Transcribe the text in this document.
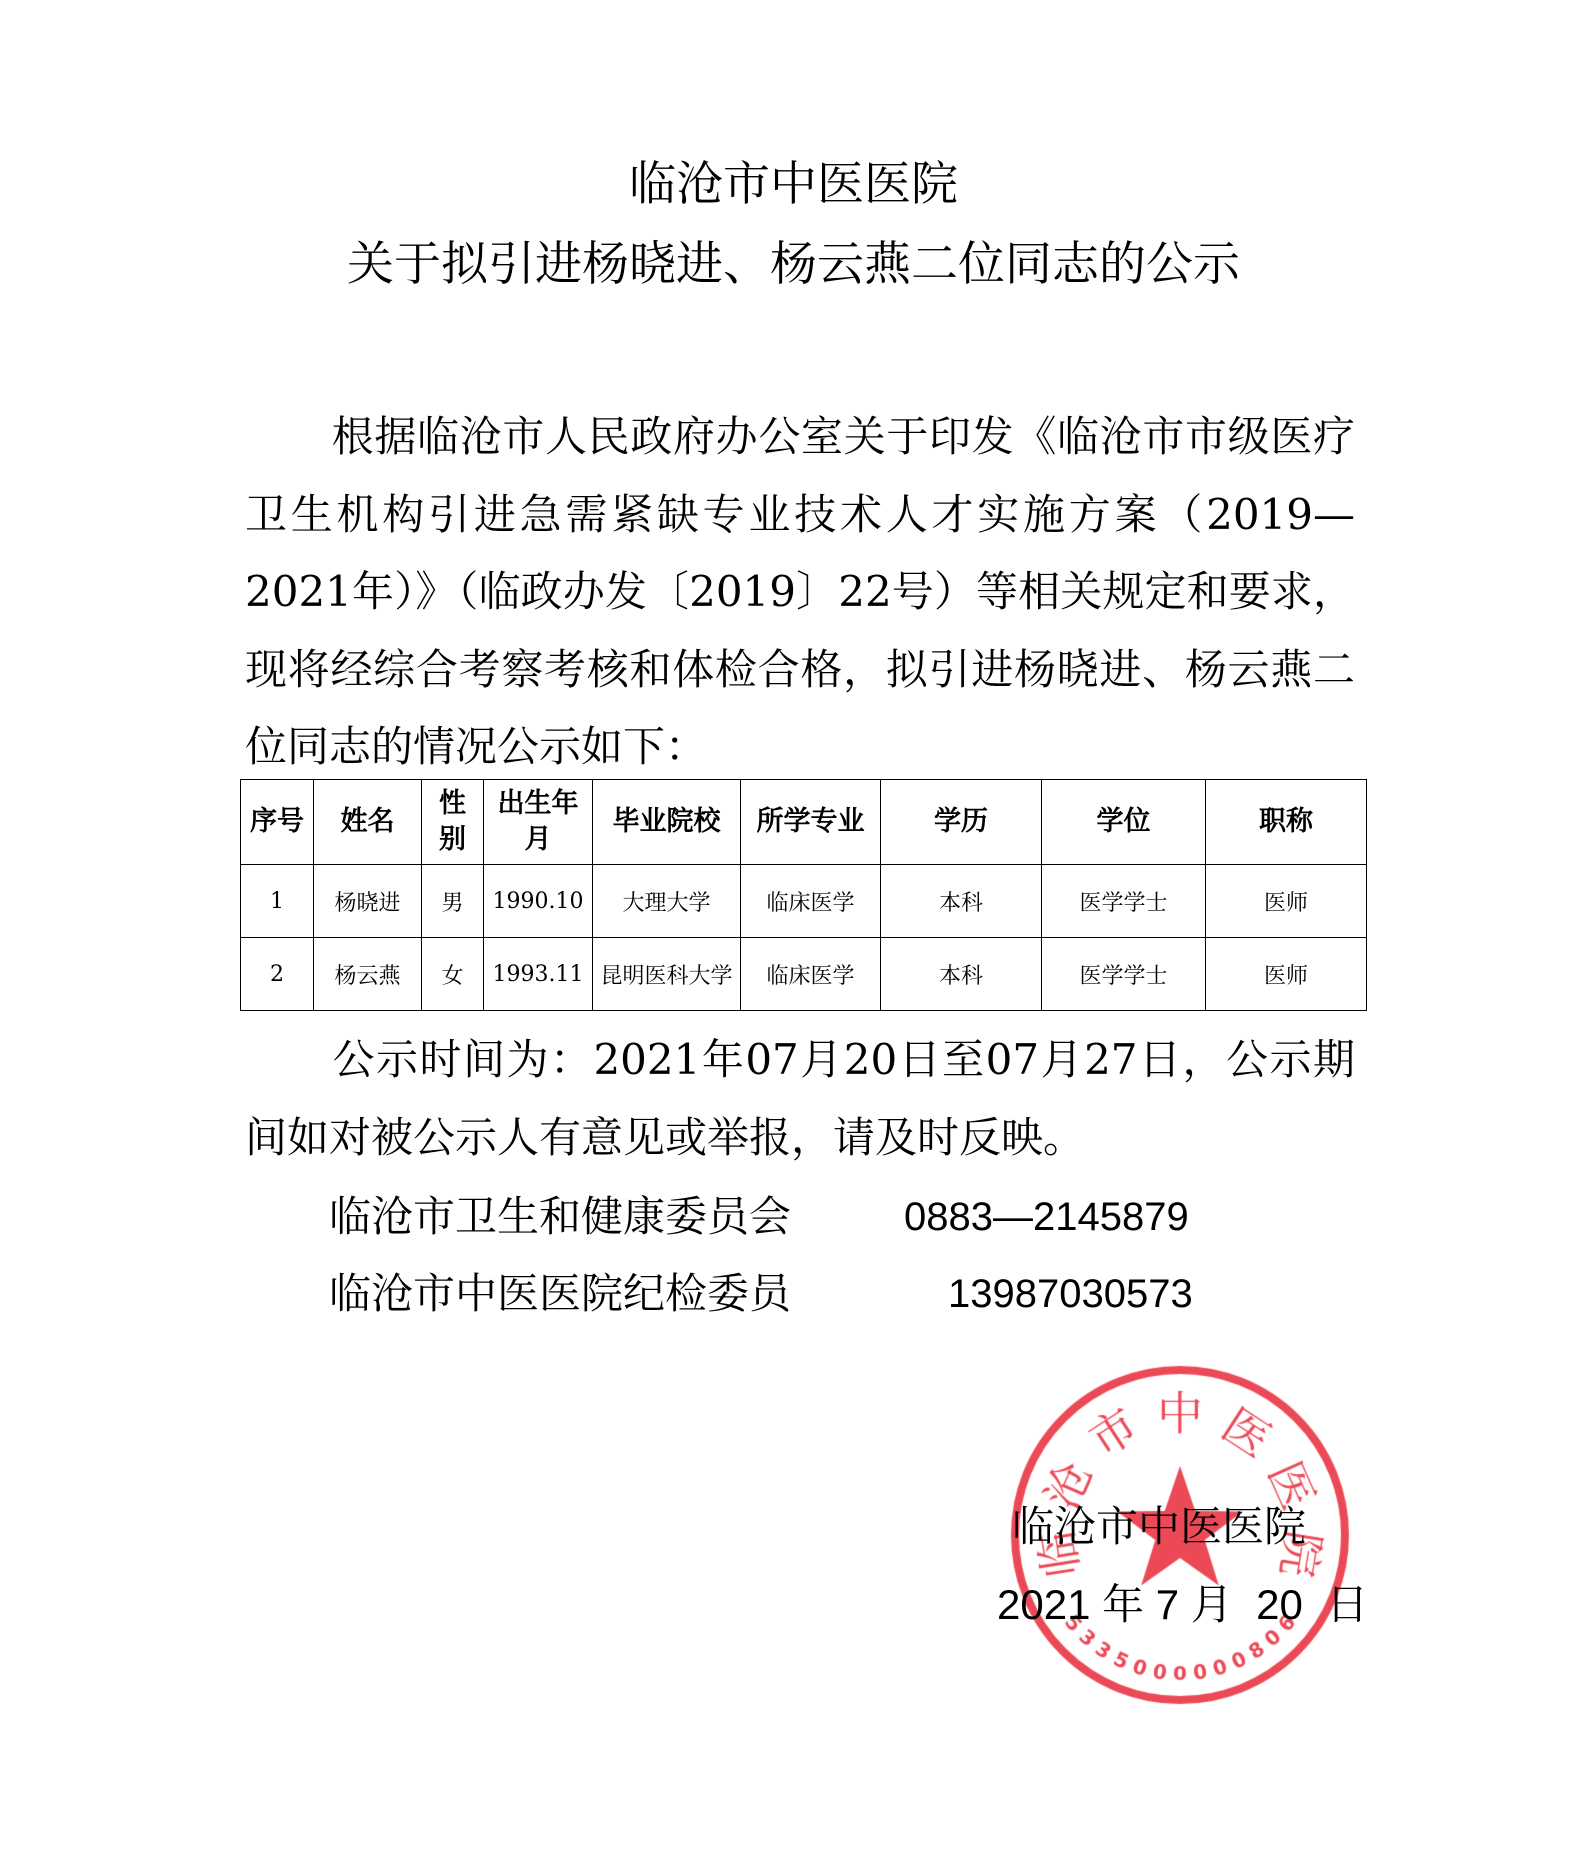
临沧市中医医院
关于拟引进杨晓进、杨云燕二位同志的公示
根据临沧市人民政府办公室关于印发《临沧市市级医疗卫生机构引进急需紧缺专业技术人才实施方案（2019—2021年）》（临政办发〔2019〕22号）等相关规定和要求，现将经综合考察考核和体检合格，拟引进杨晓进、杨云燕二位同志的情况公示如下：
序号	姓名	性别	出生年月	毕业院校	所学专业	学历	学位	职称
1	杨晓进	男	1990.10	大理大学	临床医学	本科	医学学士	医师
2	杨云燕	女	1993.11	昆明医科大学	临床医学	本科	医学学士	医师
公示时间为：2021年07月20日至07月27日，公示期间如对被公示人有意见或举报，请及时反映。
临沧市卫生和健康委员会	0883—2145879
临沧市中医医院纪检委员	13987030573
临沧市中医医院
2021 年 7 月  20  日
